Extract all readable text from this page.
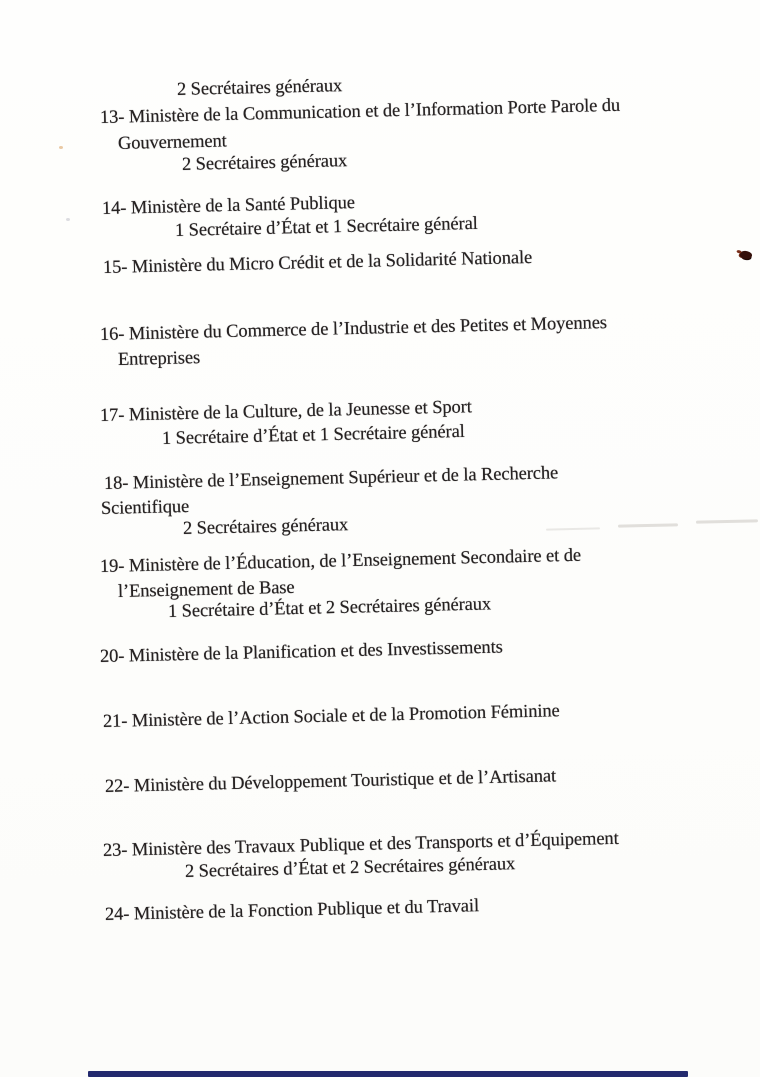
2 Secrétaires généraux
13- Ministère de la Communication et de l’Information Porte Parole du
Gouvernement
2 Secrétaires généraux
14- Ministère de la Santé Publique
1 Secrétaire d’État et 1 Secrétaire général
15- Ministère du Micro Crédit et de la Solidarité Nationale
16- Ministère du Commerce de l’Industrie et des Petites et Moyennes
Entreprises
17- Ministère de la Culture, de la Jeunesse et Sport
1 Secrétaire d’État et 1 Secrétaire général
18- Ministère de l’Enseignement Supérieur et de la Recherche
Scientifique
2 Secrétaires généraux
19- Ministère de l’Éducation, de l’Enseignement Secondaire et de
l’Enseignement de Base
1 Secrétaire d’État et 2 Secrétaires généraux
20- Ministère de la Planification et des Investissements
21- Ministère de l’Action Sociale et de la Promotion Féminine
22- Ministère du Développement Touristique et de l’Artisanat
23- Ministère des Travaux Publique et des Transports et d’Équipement
2 Secrétaires d’État et 2 Secrétaires généraux
24- Ministère de la Fonction Publique et du Travail
